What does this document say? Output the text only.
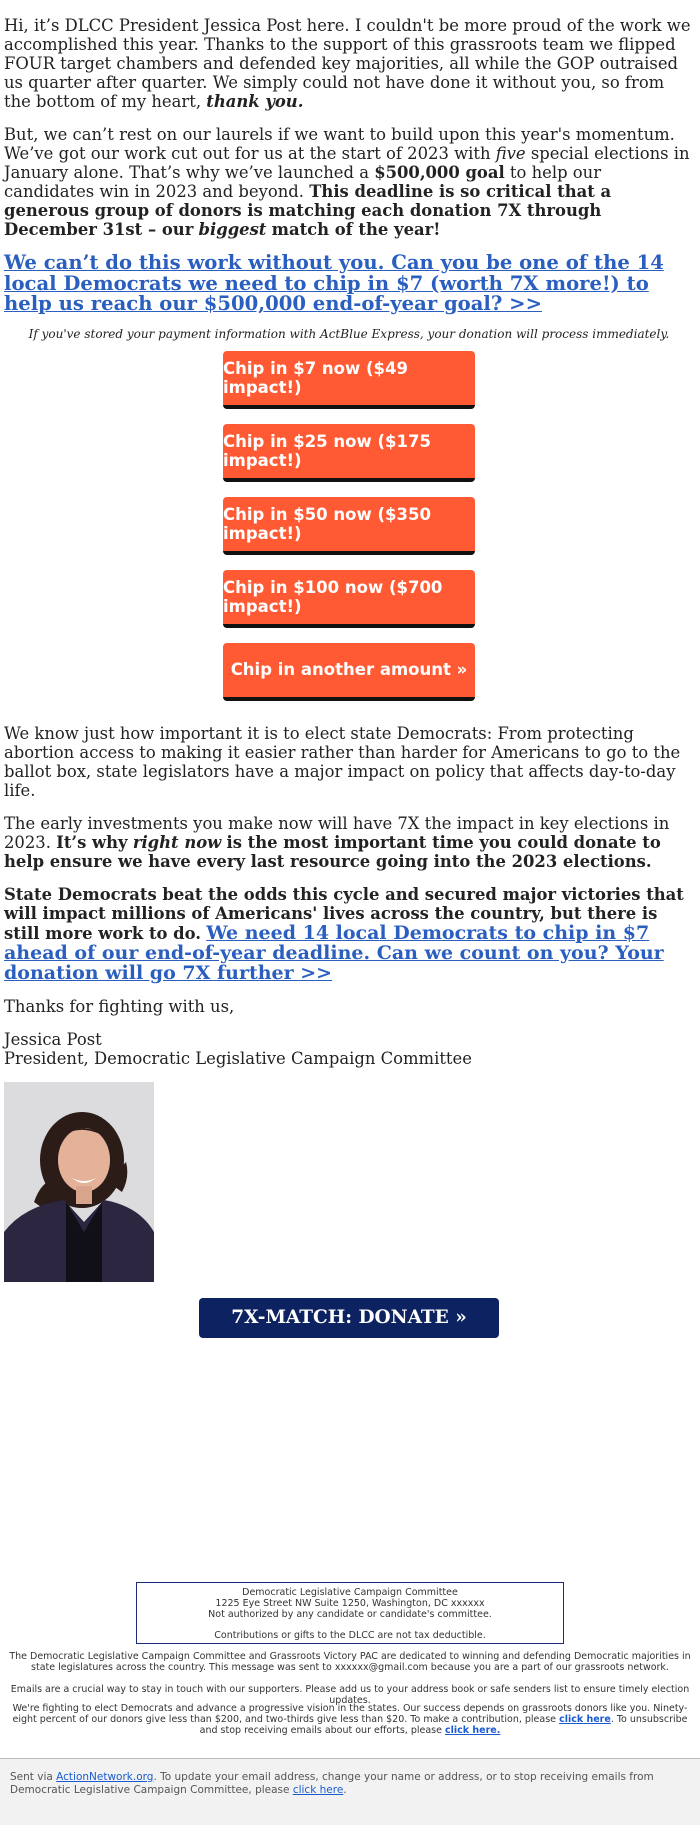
Hi, it’s DLCC President Jessica Post here. I couldn't be more proud of the work we accomplished this year. Thanks to the support of this grassroots team we flipped FOUR target chambers and defended key majorities, all while the GOP outraised us quarter after quarter. We simply could not have done it without you, so from the bottom of my heart, thank you.

But, we can’t rest on our laurels if we want to build upon this year's momentum. We’ve got our work cut out for us at the start of 2023 with five special elections in January alone. That’s why we’ve launched a $500,000 goal to help our candidates win in 2023 and beyond. This deadline is so critical that a generous group of donors is matching each donation 7X through December 31st – our biggest match of the year!

We can’t do this work without you. Can you be one of the 14 local Democrats we need to chip in $7 (worth 7X more!) to help us reach our $500,000 end-of-year goal? >>
If you've stored your payment information with ActBlue Express, your donation will process immediately.
Chip in $7 now ($49 impact!)
Chip in $25 now ($175 impact!)
Chip in $50 now ($350 impact!)
Chip in $100 now ($700 impact!)
Chip in another amount »

We know just how important it is to elect state Democrats: From protecting abortion access to making it easier rather than harder for Americans to go to the ballot box, state legislators have a major impact on policy that affects day-to-day life.

The early investments you make now will have 7X the impact in key elections in 2023. It’s why right now is the most important time you could donate to help ensure we have every last resource going into the 2023 elections.

State Democrats beat the odds this cycle and secured major victories that will impact millions of Americans' lives across the country, but there is still more work to do. We need 14 local Democrats to chip in $7 ahead of our end-of-year deadline. Can we count on you? Your donation will go 7X further >>

Thanks for fighting with us,

Jessica Post

President, Democratic Legislative Campaign Committee

7X-MATCH: DONATE »
Democratic Legislative Campaign Committee
1225 Eye Street NW Suite 1250, Washington, DC xxxxxx
Not authorized by any candidate or candidate's committee.
Contributions or gifts to the DLCC are not tax deductible.
The Democratic Legislative Campaign Committee and Grassroots Victory PAC are dedicated to winning and defending Democratic majorities in state legislatures across the country. This message was sent to xxxxxx@gmail.com because you are a part of our grassroots network.
Emails are a crucial way to stay in touch with our supporters. Please add us to your address book or safe senders list to ensure timely election updates.
We're fighting to elect Democrats and advance a progressive vision in the states. Our success depends on grassroots donors like you. Ninety-eight percent of our donors give less than $200, and two-thirds give less than $20. To make a contribution, please click here. To unsubscribe and stop receiving emails about our efforts, please click here.
Sent via ActionNetwork.org. To update your email address, change your name or address, or to stop receiving emails from Democratic Legislative Campaign Committee, please click here.
